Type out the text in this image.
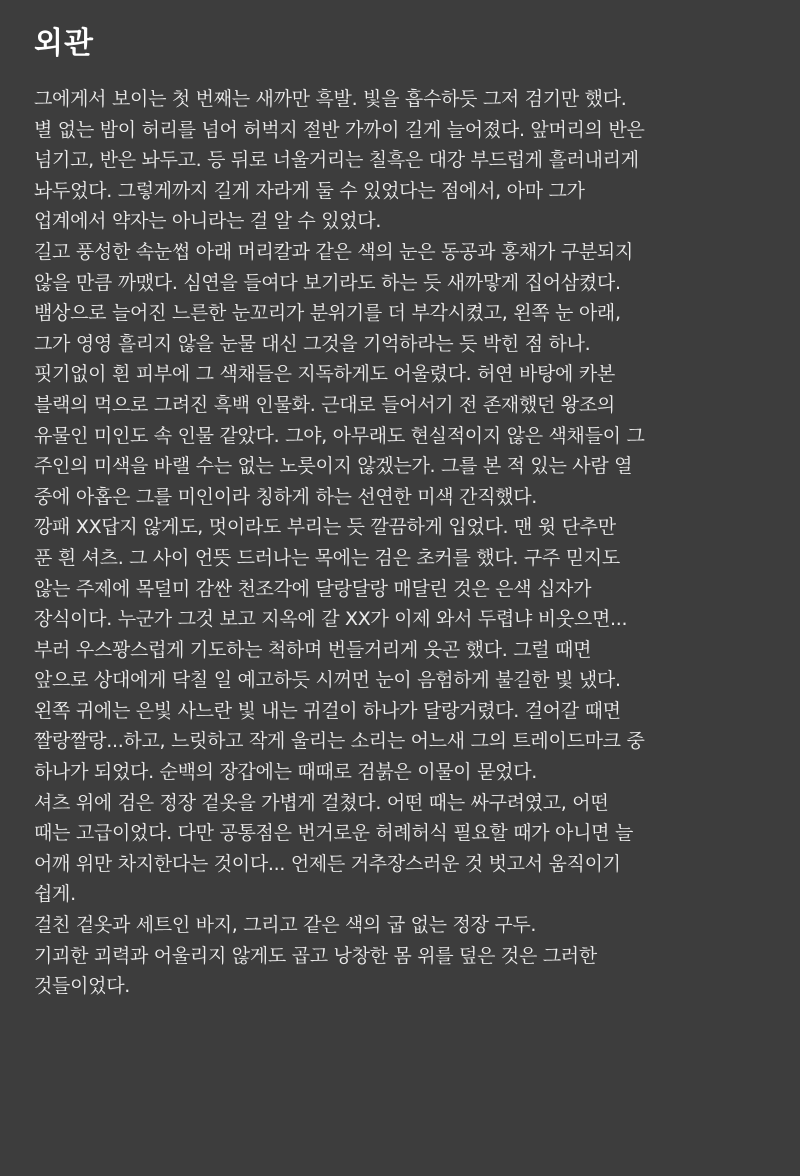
외관
그에게서 보이는 첫 번째는 새까만 흑발. 빛을 흡수하듯 그저 검기만 했다.
별 없는 밤이 허리를 넘어 허벅지 절반 가까이 길게 늘어졌다. 앞머리의 반은
넘기고, 반은 놔두고. 등 뒤로 너울거리는 칠흑은 대강 부드럽게 흘러내리게
놔두었다. 그렇게까지 길게 자라게 둘 수 있었다는 점에서, 아마 그가
업계에서 약자는 아니라는 걸 알 수 있었다.
길고 풍성한 속눈썹 아래 머리칼과 같은 색의 눈은 동공과 홍채가 구분되지
않을 만큼 까맸다. 심연을 들여다 보기라도 하는 듯 새까맣게 집어삼켰다.
뱀상으로 늘어진 느른한 눈꼬리가 분위기를 더 부각시켰고, 왼쪽 눈 아래,
그가 영영 흘리지 않을 눈물 대신 그것을 기억하라는 듯 박힌 점 하나.
핏기없이 흰 피부에 그 색채들은 지독하게도 어울렸다. 허연 바탕에 카본
블랙의 먹으로 그려진 흑백 인물화. 근대로 들어서기 전 존재했던 왕조의
유물인 미인도 속 인물 같았다. 그야, 아무래도 현실적이지 않은 색채들이 그
주인의 미색을 바랠 수는 없는 노릇이지 않겠는가. 그를 본 적 있는 사람 열
중에 아홉은 그를 미인이라 칭하게 하는 선연한 미색 간직했다.
깡패 XX답지 않게도, 멋이라도 부리는 듯 깔끔하게 입었다. 맨 윗 단추만
푼 흰 셔츠. 그 사이 언뜻 드러나는 목에는 검은 초커를 했다. 구주 믿지도
않는 주제에 목덜미 감싼 천조각에 달랑달랑 매달린 것은 은색 십자가
장식이다. 누군가 그것 보고 지옥에 갈 XX가 이제 와서 두렵냐 비웃으면...
부러 우스꽝스럽게 기도하는 척하며 번들거리게 웃곤 했다. 그럴 때면
앞으로 상대에게 닥칠 일 예고하듯 시꺼먼 눈이 음험하게 불길한 빛 냈다.
왼쪽 귀에는 은빛 사느란 빛 내는 귀걸이 하나가 달랑거렸다. 걸어갈 때면
짤랑짤랑...하고, 느릿하고 작게 울리는 소리는 어느새 그의 트레이드마크 중
하나가 되었다. 순백의 장갑에는 때때로 검붉은 이물이 묻었다.
셔츠 위에 검은 정장 겉옷을 가볍게 걸쳤다. 어떤 때는 싸구려였고, 어떤
때는 고급이었다. 다만 공통점은 번거로운 허례허식 필요할 때가 아니면 늘
어깨 위만 차지한다는 것이다... 언제든 거추장스러운 것 벗고서 움직이기
쉽게.
걸친 겉옷과 세트인 바지, 그리고 같은 색의 굽 없는 정장 구두.
기괴한 괴력과 어울리지 않게도 곱고 낭창한 몸 위를 덮은 것은 그러한
것들이었다.
